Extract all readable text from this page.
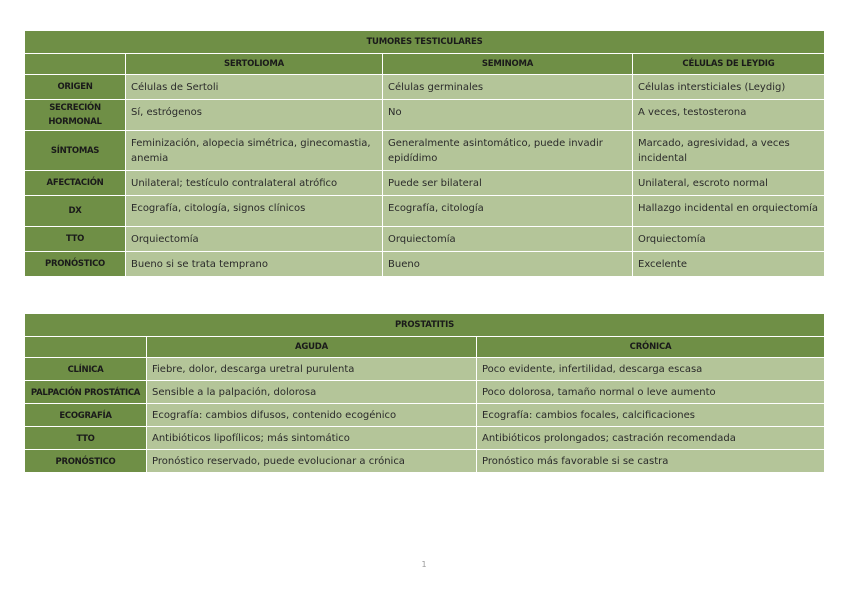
TUMORES TESTICULARES			
	SERTOLIOMA	SEMINOMA	CÉLULAS DE LEYDIG
ORIGEN	Células de Sertoli	Células germinales	Células intersticiales (Leydig)
SECRECIÓN HORMONAL	Sí, estrógenos	No	A veces, testosterona
SÍNTOMAS	Feminización, alopecia simétrica, ginecomastia, anemia	Generalmente asintomático, puede invadir epidídimo	Marcado, agresividad, a veces incidental
AFECTACIÓN	Unilateral; testículo contralateral atrófico	Puede ser bilateral	Unilateral, escroto normal
DX	Ecografía, citología, signos clínicos	Ecografía, citología	Hallazgo incidental en orquiectomía
TTO	Orquiectomía	Orquiectomía	Orquiectomía
PRONÓSTICO	Bueno si se trata temprano	Bueno	Excelente
PROSTATITIS		
	AGUDA	CRÓNICA
CLÍNICA	Fiebre, dolor, descarga uretral purulenta	Poco evidente, infertilidad, descarga escasa
PALPACIÓN PROSTÁTICA	Sensible a la palpación, dolorosa	Poco dolorosa, tamaño normal o leve aumento
ECOGRAFÍA	Ecografía: cambios difusos, contenido ecogénico	Ecografía: cambios focales, calcificaciones
TTO	Antibióticos lipofílicos; más sintomático	Antibióticos prolongados; castración recomendada
PRONÓSTICO	Pronóstico reservado, puede evolucionar a crónica	Pronóstico más favorable si se castra
1
